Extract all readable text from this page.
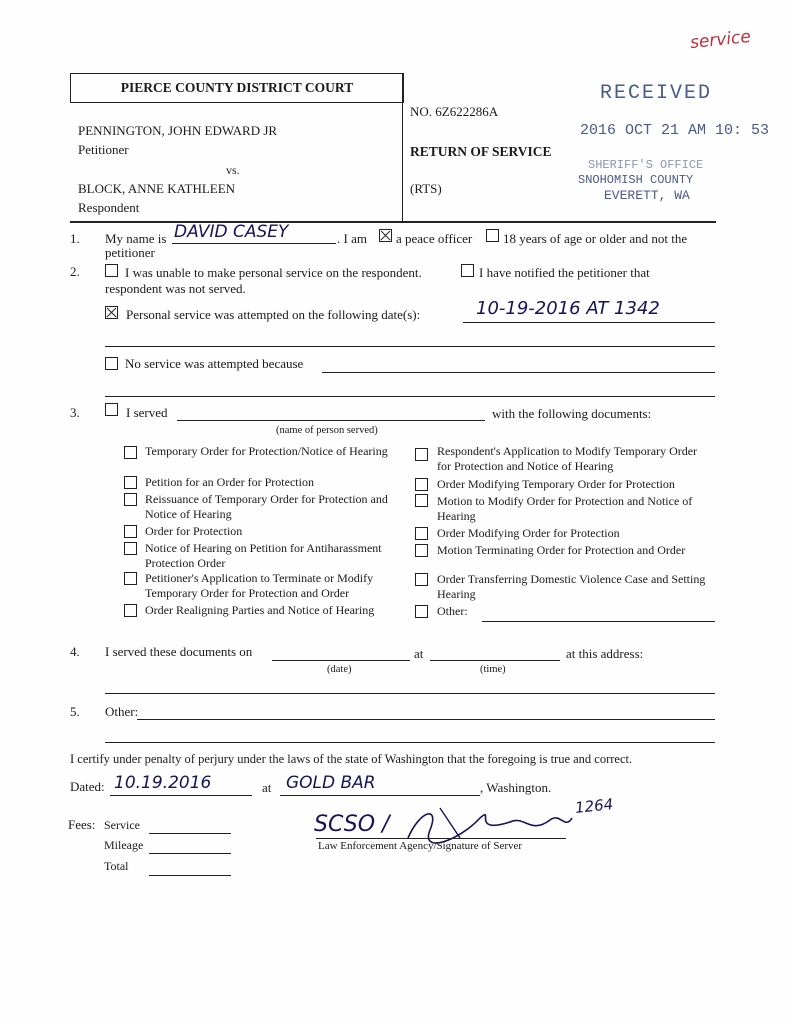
service
PIERCE COUNTY DISTRICT COURT
PENNINGTON, JOHN EDWARD JR
Petitioner
vs.
BLOCK, ANNE KATHLEEN
Respondent
NO. 6Z622286A
RETURN OF SERVICE
(RTS)
RECEIVED
2016 OCT 21 AM 10: 53
SHERIFF'S OFFICE
SNOHOMISH COUNTY
EVERETT, WA
1. My name is DAVID CASEY	. I am a peace officer 18 years of age or older and not the
petitioner
2.	I was unable to make personal service on the respondent.	I have notified the petitioner that
respondent was not served.
Personal service was attempted on the following date(s):	10-19-2016 AT 1342
No service was attempted because
3.	I served	with the following documents:
(name of person served)
Temporary Order for Protection/Notice of Hearing
Petition for an Order for Protection
Reissuance of Temporary Order for Protection and Notice of Hearing
Order for Protection
Notice of Hearing on Petition for Antiharassment Protection Order
Petitioner's Application to Terminate or Modify Temporary Order for Protection and Order
Order Realigning Parties and Notice of Hearing
Respondent's Application to Modify Temporary Order for Protection and Notice of Hearing
Order Modifying Temporary Order for Protection
Motion to Modify Order for Protection and Notice of Hearing
Order Modifying Order for Protection
Motion Terminating Order for Protection and Order
Order Transferring Domestic Violence Case and Setting Hearing
Other:
4. I served these documents on
(date)
at
(time)
at this address:
5. Other:
I certify under penalty of perjury under the laws of the state of Washington that the foregoing is true and correct.
Dated: 10.19.2016	at GOLD BAR	, Washington.
Fees: Service
Mileage
Total
SCSO /
1264
Law Enforcement Agency/Signature of Server
